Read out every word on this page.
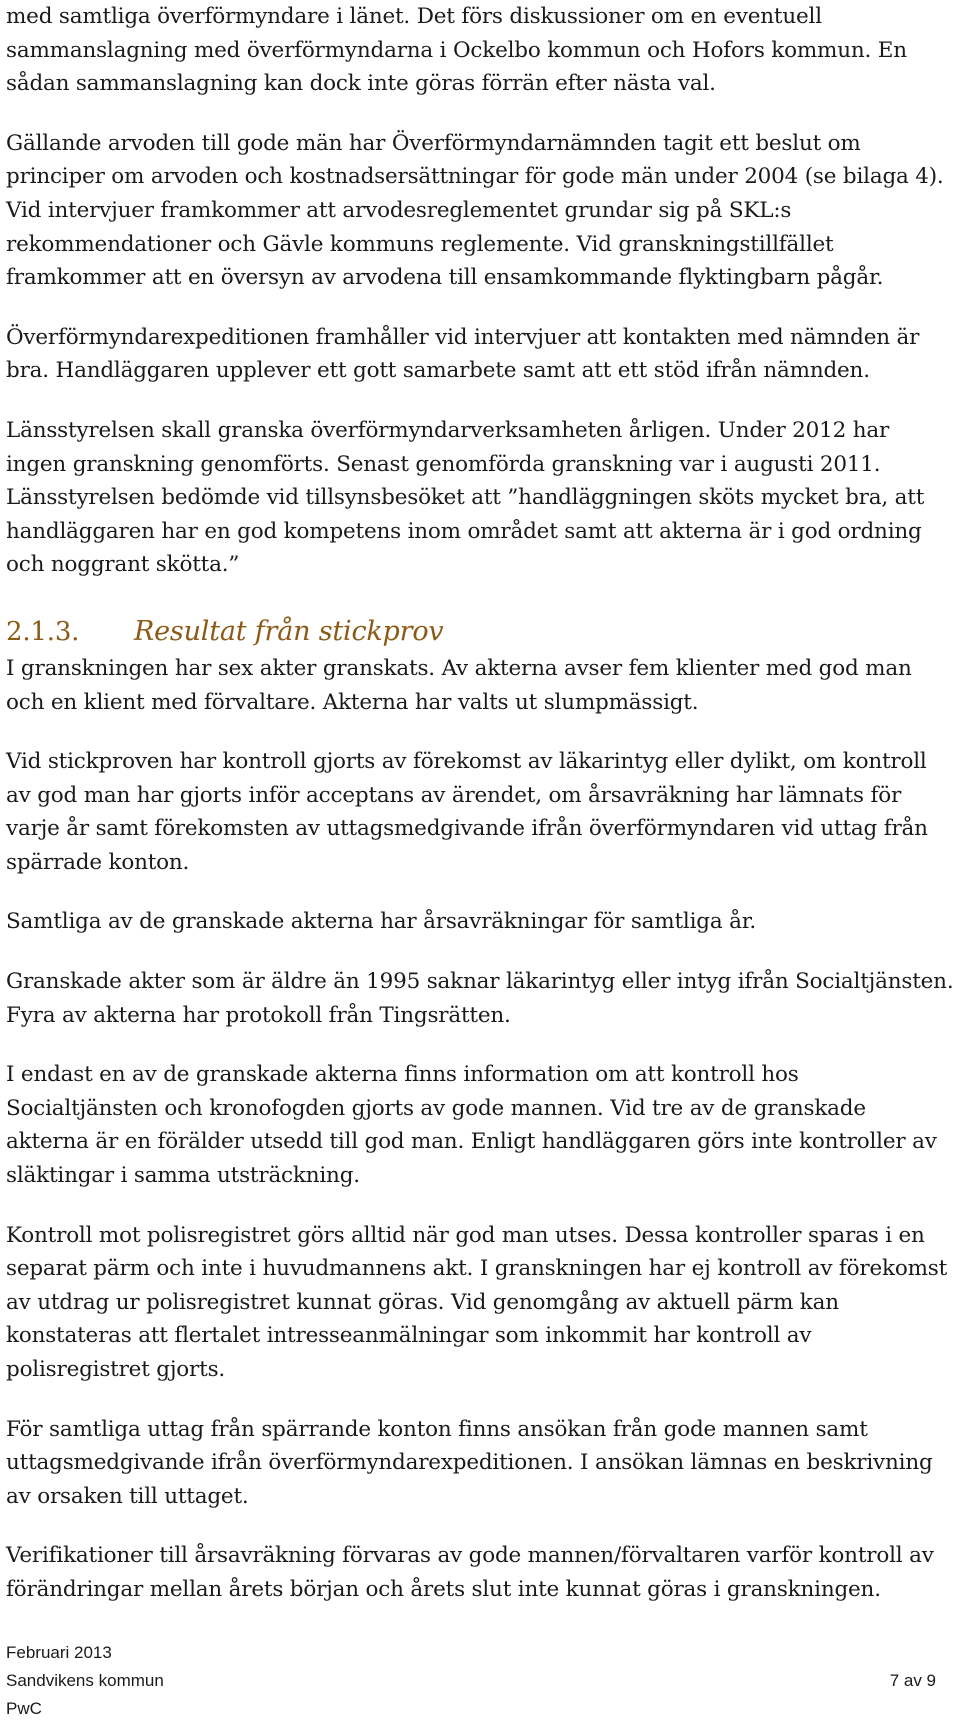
med samtliga överförmyndare i länet. Det förs diskussioner om en eventuell sammanslagning med överförmyndarna i Ockelbo kommun och Hofors kommun. En sådan sammanslagning kan dock inte göras förrän efter nästa val.

Gällande arvoden till gode män har Överförmyndarnämnden tagit ett beslut om principer om arvoden och kostnadsersättningar för gode män under 2004 (se bilaga 4). Vid intervjuer framkommer att arvodesreglementet grundar sig på SKL:s rekommendationer och Gävle kommuns reglemente. Vid granskningstillfället framkommer att en översyn av arvodena till ensamkommande flyktingbarn pågår.

Överförmyndarexpeditionen framhåller vid intervjuer att kontakten med nämnden är bra. Handläggaren upplever ett gott samarbete samt att ett stöd ifrån nämnden.

Länsstyrelsen skall granska överförmyndarverksamheten årligen. Under 2012 har ingen granskning genomförts. Senast genomförda granskning var i augusti 2011. Länsstyrelsen bedömde vid tillsynsbesöket att ”handläggningen sköts mycket bra, att handläggaren har en god kompetens inom området samt att akterna är i god ordning och noggrant skötta.”

2.1.3. Resultat från stickprov

I granskningen har sex akter granskats. Av akterna avser fem klienter med god man och en klient med förvaltare. Akterna har valts ut slumpmässigt.

Vid stickproven har kontroll gjorts av förekomst av läkarintyg eller dylikt, om kontroll av god man har gjorts inför acceptans av ärendet, om årsavräkning har lämnats för varje år samt förekomsten av uttagsmedgivande ifrån överförmyndaren vid uttag från spärrade konton.

Samtliga av de granskade akterna har årsavräkningar för samtliga år.

Granskade akter som är äldre än 1995 saknar läkarintyg eller intyg ifrån Socialtjänsten. Fyra av akterna har protokoll från Tingsrätten.

I endast en av de granskade akterna finns information om att kontroll hos Socialtjänsten och kronofogden gjorts av gode mannen. Vid tre av de granskade akterna är en förälder utsedd till god man. Enligt handläggaren görs inte kontroller av släktingar i samma utsträckning.

Kontroll mot polisregistret görs alltid när god man utses. Dessa kontroller sparas i en separat pärm och inte i huvudmannens akt. I granskningen har ej kontroll av förekomst av utdrag ur polisregistret kunnat göras. Vid genomgång av aktuell pärm kan konstateras att flertalet intresseanmälningar som inkommit har kontroll av polisregistret gjorts.

För samtliga uttag från spärrande konton finns ansökan från gode mannen samt uttagsmedgivande ifrån överförmyndarexpeditionen. I ansökan lämnas en beskrivning av orsaken till uttaget.

Verifikationer till årsavräkning förvaras av gode mannen/förvaltaren varför kontroll av förändringar mellan årets början och årets slut inte kunnat göras i granskningen.

Februari 2013
Sandvikens kommun
PwC
7 av 9
